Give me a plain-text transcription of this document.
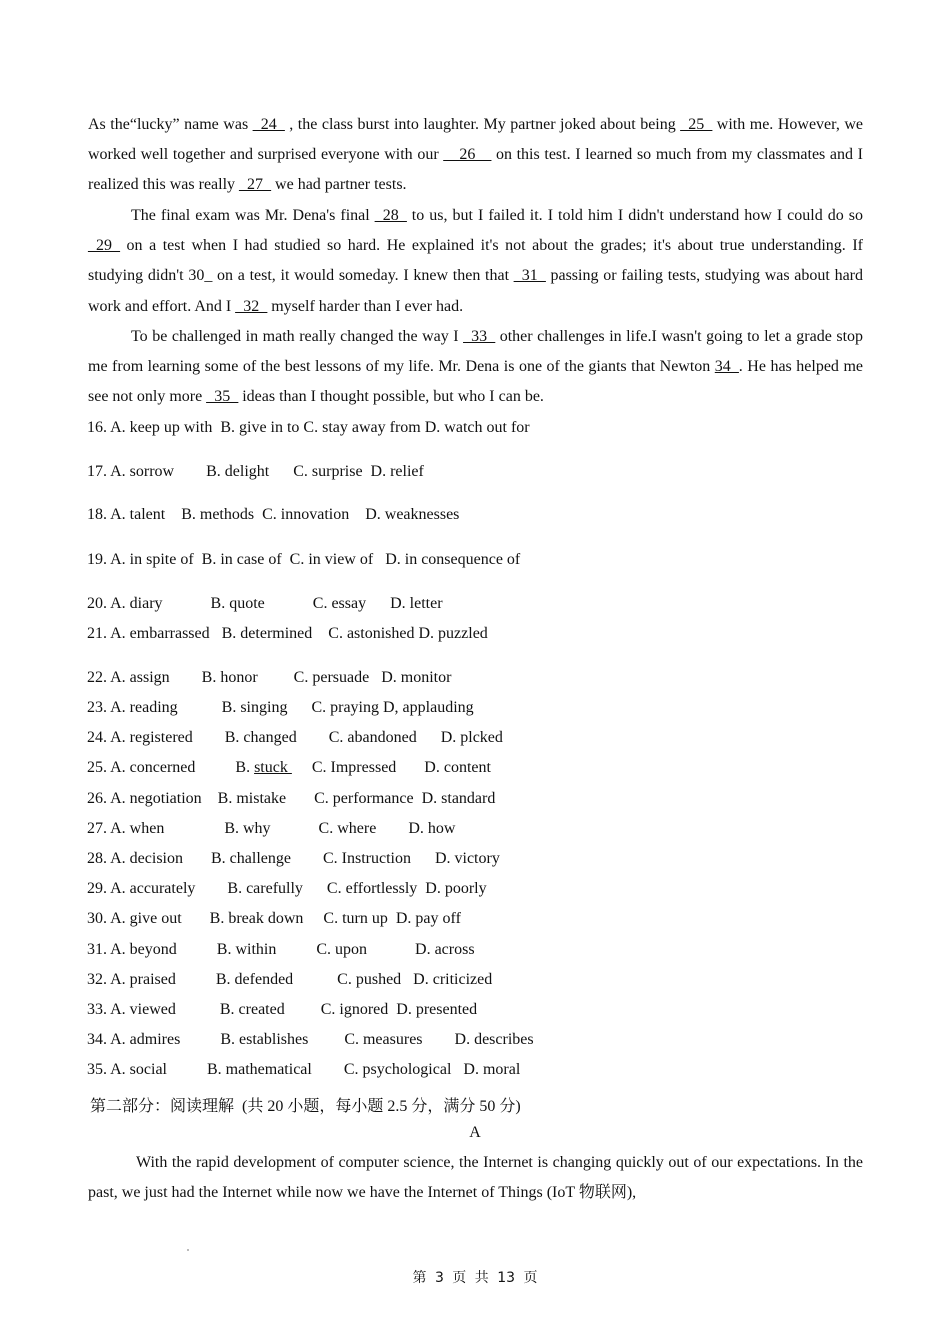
As the“lucky” name was _24_ , the class burst into laughter. My partner joked about being _25_ with me. However, we worked well together and surprised everyone with our __26__ on this test. I learned so much from my classmates and I realized this was really _27_ we had partner tests.

The final exam was Mr. Dena's final _28_ to us, but I failed it. I told him I didn't understand how I could do so _29_ on a test when I had studied so hard. He explained it's not about the grades; it's about true understanding. If studying didn't 30_ on a test, it would someday. I knew then that _31_ passing or failing tests, studying was about hard work and effort. And I _32_ myself harder than I ever had.

To be challenged in math really changed the way I _33_ other challenges in life.I wasn't going to let a grade stop me from learning some of the best lessons of my life. Mr. Dena is one of the giants that Newton 34_. He has helped me see not only more _35_ ideas than I thought possible, but who I can be.

16. A. keep up with  B. give in to C. stay away from D. watch out for
17. A. sorrow        B. delight      C. surprise  D. relief
18. A. talent    B. methods  C. innovation    D. weaknesses
19. A. in spite of  B. in case of  C. in view of   D. in consequence of
20. A. diary            B. quote            C. essay      D. letter
21. A. embarrassed   B. determined    C. astonished D. puzzled
22. A. assign        B. honor         C. persuade   D. monitor
23. A. reading           B. singing      C. praying D, applauding
24. A. registered        B. changed        C. abandoned      D. plcked
25. A. concerned          B. stuck      C. Impressed       D. content
26. A. negotiation    B. mistake       C. performance  D. standard
27. A. when               B. why            C. where        D. how
28. A. decision       B. challenge        C. Instruction      D. victory
29. A. accurately        B. carefully      C. effortlessly  D. poorly
30. A. give out       B. break down     C. turn up  D. pay off
31. A. beyond          B. within          C. upon            D. across
32. A. praised          B. defended           C. pushed   D. criticized
33. A. viewed           B. created         C. ignored  D. presented
34. A. admires          B. establishes         C. measures        D. describes
35. A. social          B. mathematical        C. psychological   D. moral
第二部分：阅读理解  (共 20 小题，每小题 2.5 分，满分 50 分)
A

With the rapid development of computer science, the Internet is changing quickly out of our expectations. In the past, we just had the Internet while now we have the Internet of Things (IoT 物联网),

第 3 页 共 13 页
